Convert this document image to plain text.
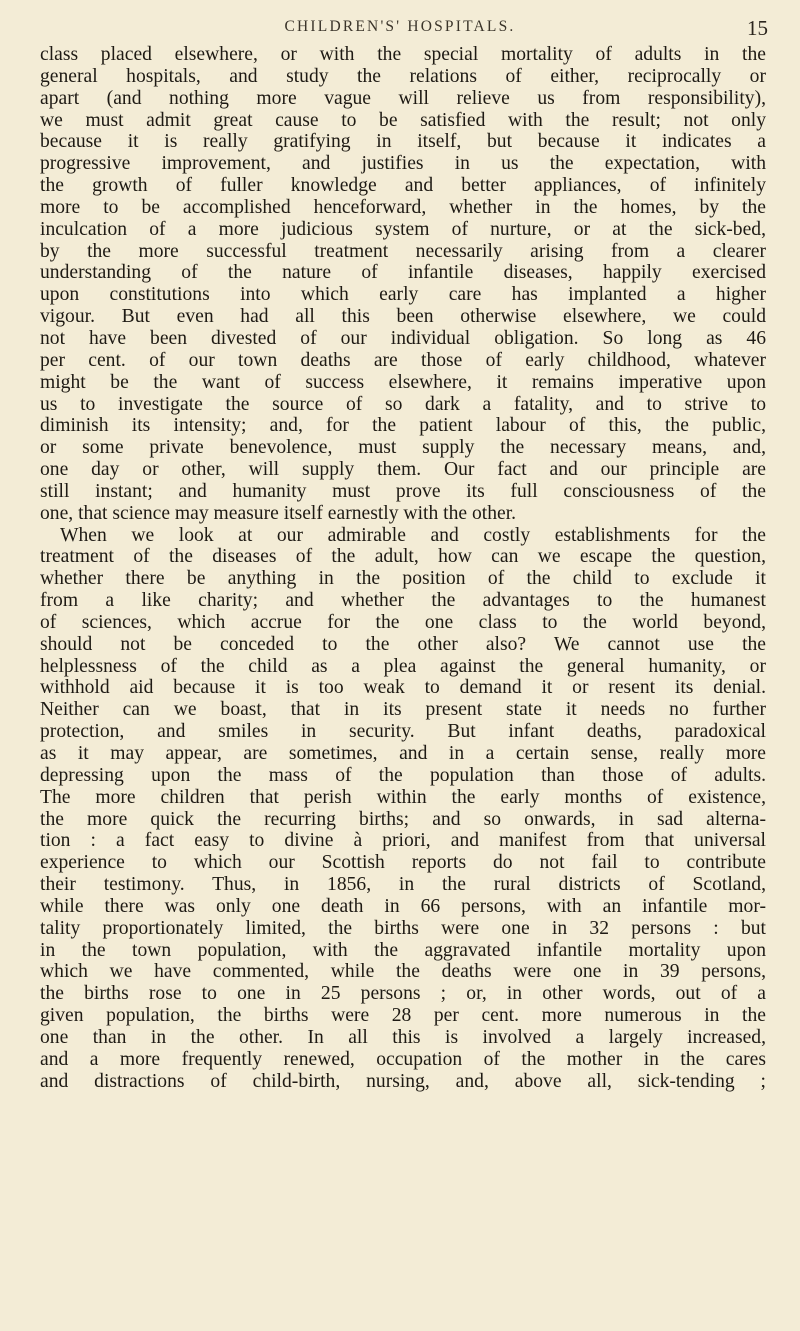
CHILDREN'S' HOSPITALS.	15
class placed elsewhere, or with the special mortality of adults in the
general hospitals, and study the relations of either, reciprocally or
apart (and nothing more vague will relieve us from responsibility),
we must admit great cause to be satisfied with the result; not only
because it is really gratifying in itself, but because it indicates a
progressive improvement, and justifies in us the expectation, with
the growth of fuller knowledge and better appliances, of infinitely
more to be accomplished henceforward, whether in the homes, by the
inculcation of a more judicious system of nurture, or at the sick-bed,
by the more successful treatment necessarily arising from a clearer
understanding of the nature of infantile diseases, happily exercised
upon constitutions into which early care has implanted a higher
vigour. But even had all this been otherwise elsewhere, we could
not have been divested of our individual obligation. So long as 46
per cent. of our town deaths are those of early childhood, whatever
might be the want of success elsewhere, it remains imperative upon
us to investigate the source of so dark a fatality, and to strive to
diminish its intensity; and, for the patient labour of this, the public,
or some private benevolence, must supply the necessary means, and,
one day or other, will supply them. Our fact and our principle are
still instant; and humanity must prove its full consciousness of the
one, that science may measure itself earnestly with the other.
When we look at our admirable and costly establishments for the
treatment of the diseases of the adult, how can we escape the question,
whether there be anything in the position of the child to exclude it
from a like charity; and whether the advantages to the humanest
of sciences, which accrue for the one class to the world beyond,
should not be conceded to the other also? We cannot use the
helplessness of the child as a plea against the general humanity, or
withhold aid because it is too weak to demand it or resent its denial.
Neither can we boast, that in its present state it needs no further
protection, and smiles in security. But infant deaths, paradoxical
as it may appear, are sometimes, and in a certain sense, really more
depressing upon the mass of the population than those of adults.
The more children that perish within the early months of existence,
the more quick the recurring births; and so onwards, in sad alterna-
tion : a fact easy to divine à priori, and manifest from that universal
experience to which our Scottish reports do not fail to contribute
their testimony. Thus, in 1856, in the rural districts of Scotland,
while there was only one death in 66 persons, with an infantile mor-
tality proportionately limited, the births were one in 32 persons : but
in the town population, with the aggravated infantile mortality upon
which we have commented, while the deaths were one in 39 persons,
the births rose to one in 25 persons ; or, in other words, out of a
given population, the births were 28 per cent. more numerous in the
one than in the other. In all this is involved a largely increased,
and a more frequently renewed, occupation of the mother in the cares
and distractions of child-birth, nursing, and, above all, sick-tending ;
